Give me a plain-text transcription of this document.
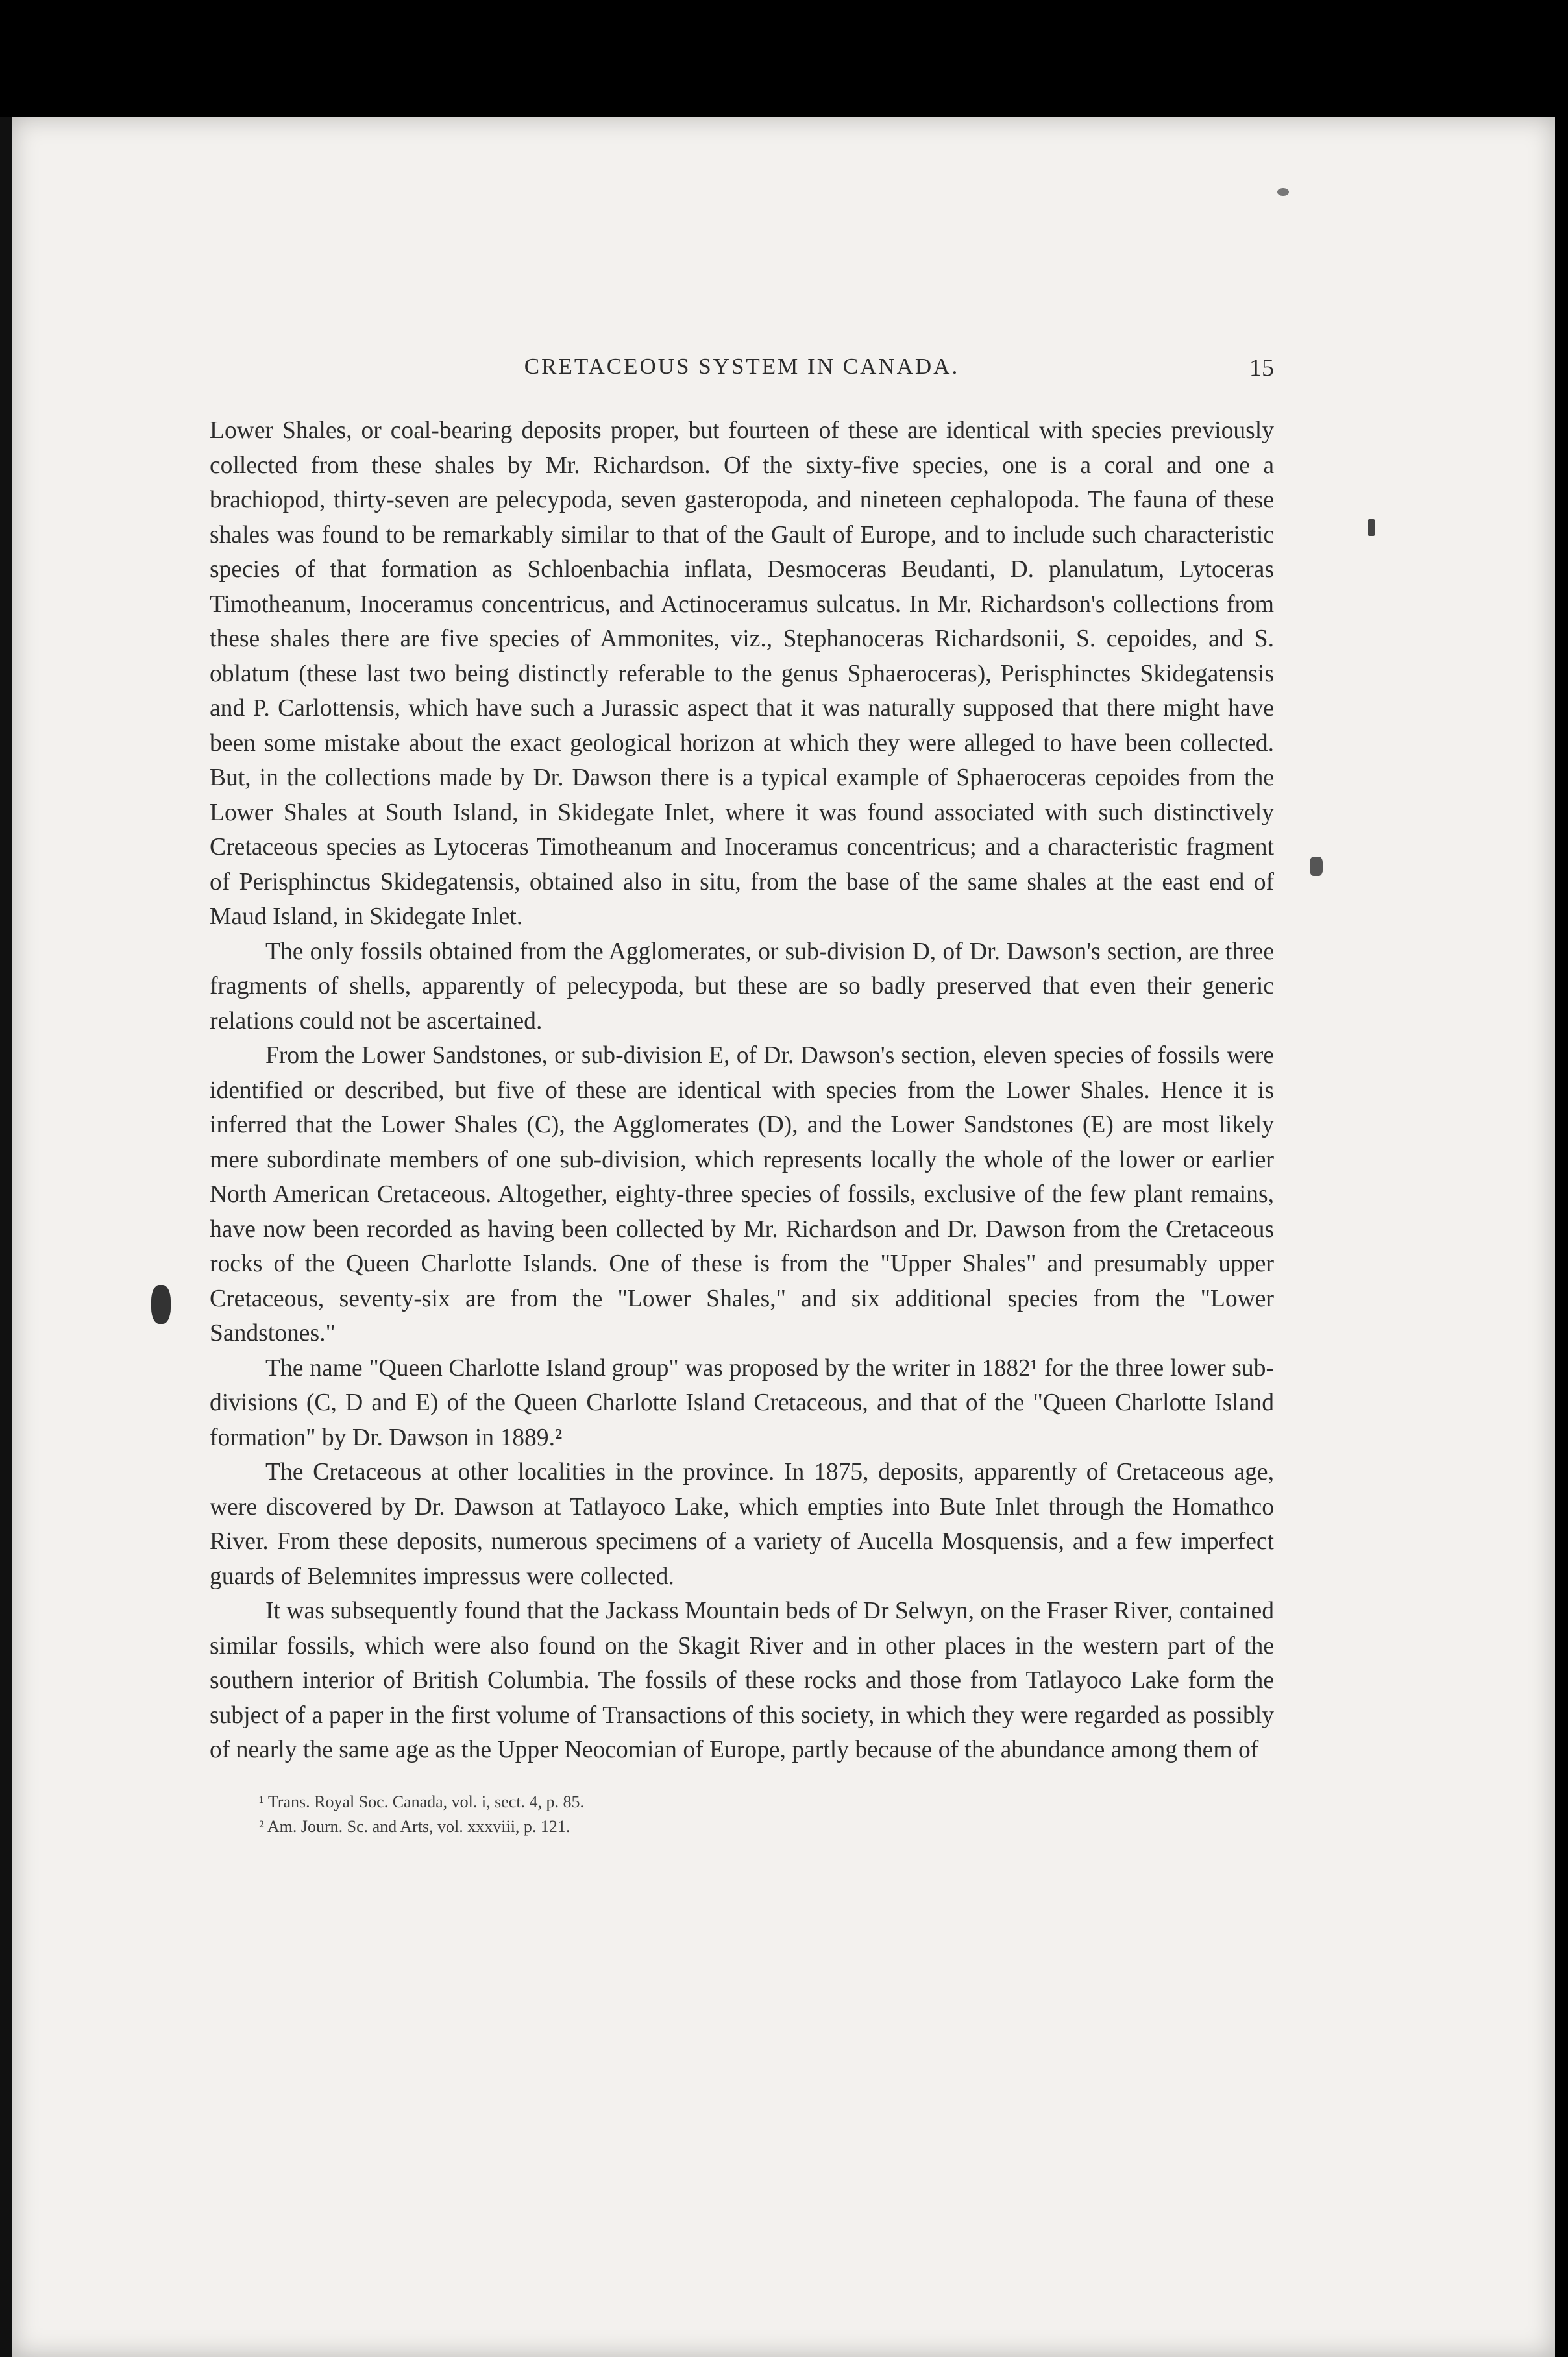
CRETACEOUS SYSTEM IN CANADA.	15

Lower Shales, or coal-bearing deposits proper, but fourteen of these are identical with species previously collected from these shales by Mr. Richardson. Of the sixty-five species, one is a coral and one a brachiopod, thirty-seven are pelecypoda, seven gasteropoda, and nineteen cephalopoda. The fauna of these shales was found to be remarkably similar to that of the Gault of Europe, and to include such characteristic species of that formation as Schloenbachia inflata, Desmoceras Beudanti, D. planulatum, Lytoceras Timotheanum, Inoceramus concentricus, and Actinoceramus sulcatus. In Mr. Richardson's collections from these shales there are five species of Ammonites, viz., Stephanoceras Richardsonii, S. cepoides, and S. oblatum (these last two being distinctly referable to the genus Sphaeroceras), Perisphinctes Skidegatensis and P. Carlottensis, which have such a Jurassic aspect that it was naturally supposed that there might have been some mistake about the exact geological horizon at which they were alleged to have been collected. But, in the collections made by Dr. Dawson there is a typical example of Sphaeroceras cepoides from the Lower Shales at South Island, in Skidegate Inlet, where it was found associated with such distinctively Cretaceous species as Lytoceras Timotheanum and Inoceramus concentricus; and a characteristic fragment of Perisphinctus Skidegatensis, obtained also in situ, from the base of the same shales at the east end of Maud Island, in Skidegate Inlet.

The only fossils obtained from the Agglomerates, or sub-division D, of Dr. Dawson's section, are three fragments of shells, apparently of pelecypoda, but these are so badly preserved that even their generic relations could not be ascertained.

From the Lower Sandstones, or sub-division E, of Dr. Dawson's section, eleven species of fossils were identified or described, but five of these are identical with species from the Lower Shales. Hence it is inferred that the Lower Shales (C), the Agglomerates (D), and the Lower Sandstones (E) are most likely mere subordinate members of one sub-division, which represents locally the whole of the lower or earlier North American Cretaceous. Altogether, eighty-three species of fossils, exclusive of the few plant remains, have now been recorded as having been collected by Mr. Richardson and Dr. Dawson from the Cretaceous rocks of the Queen Charlotte Islands. One of these is from the "Upper Shales" and presumably upper Cretaceous, seventy-six are from the "Lower Shales," and six additional species from the "Lower Sandstones."

The name "Queen Charlotte Island group" was proposed by the writer in 1882¹ for the three lower sub-divisions (C, D and E) of the Queen Charlotte Island Cretaceous, and that of the "Queen Charlotte Island formation" by Dr. Dawson in 1889.²

The Cretaceous at other localities in the province. In 1875, deposits, apparently of Cretaceous age, were discovered by Dr. Dawson at Tatlayoco Lake, which empties into Bute Inlet through the Homathco River. From these deposits, numerous specimens of a variety of Aucella Mosquensis, and a few imperfect guards of Belemnites impressus were collected.

It was subsequently found that the Jackass Mountain beds of Dr Selwyn, on the Fraser River, contained similar fossils, which were also found on the Skagit River and in other places in the western part of the southern interior of British Columbia. The fossils of these rocks and those from Tatlayoco Lake form the subject of a paper in the first volume of Transactions of this society, in which they were regarded as possibly of nearly the same age as the Upper Neocomian of Europe, partly because of the abundance among them of

¹ Trans. Royal Soc. Canada, vol. i, sect. 4, p. 85.
² Am. Journ. Sc. and Arts, vol. xxxviii, p. 121.
